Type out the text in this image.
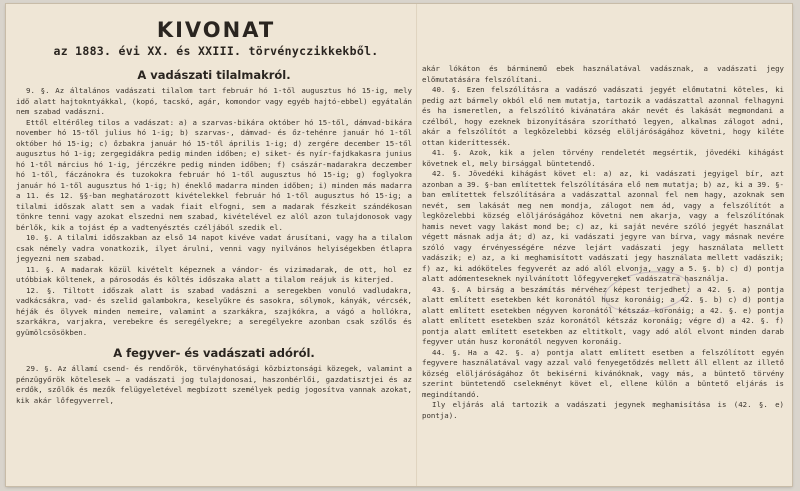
KIVONAT
az 1883. évi XX. és XXIII. törvényczikkekből.
A vadászati tilalmakról.

9. §. Az általános vadászati tilalom tart február hó 1-től augusztus hó 15-ig, mely idő alatt hajtokntyákkal, (kopó, tacskó, agár, komondor vagy egyéb hajtó-ebbel) egyátalán nem szabad vadászni.

Ettől eltérőleg tilos a vadászat: a) a szarvas-bikára október hó 15-től, dámvad-bikára november hó 15-től julius hó 1-ig; b) szarvas-, dámvad- és őz-tehénre január hó 1-től október hó 15-ig; c) őzbakra január hó 15-től április 1-ig; d) zergére december 15-től augusztus hó 1-ig; zergegidákra pedig minden időben; e) siket- és nyír-fajdkakasra junius hó 1-től március hó 1-ig, jérczékre pedig minden időben; f) császár-madarakra deczember hó 1-től, fáczánokra és tuzokokra február hó 1-től augusztus hó 15-ig; g) foglyokra január hó 1-től augusztus hó 1-ig; h) éneklő madarra minden időben; i) minden más madarra a 11. és 12. §§-ban meghatározott kivételekkel február hó 1-től augusztus hó 15-ig; a tilalmi időszak alatt sem a vadak fiait elfogni, sem a madarak fészkeit szándékosan tönkre tenni vagy azokat elszedni nem szabad, kivételével ez alól azon tulajdonosok vagy bérlők, kik a tojást ép a vadtenyésztés czéljából szedik el.

10. §. A tilalmi időszakban az első 14 napot kivéve vadat árusítani, vagy ha a tilalom csak némely vadra vonatkozik, ilyet árulni, venni vagy nyilvános helyiségekben étlapra jegyezni nem szabad.

11. §. A madarak közül kivételt képeznek a vándor- és vizimadarak, de ott, hol ez utóbbiak költenek, a párosodás és költés időszaka alatt a tilalom reájuk is kiterjed.

12. §. Tiltott időszak alatt is szabad vadászni a seregekben vonuló vadludakra, vadkácsákra, vad- és szelid galambokra, keselyűkre és sasokra, sólymok, kányák, vércsék, héják és ölyvek minden nemeire, valamint a szarkákra, szajkókra, a vágó a hollókra, szarkákra, varjakra, verebekre és seregélyekre; a seregélyekre azonban csak szőlős és gyümölcsösökben.

A fegyver- és vadászati adóról.

29. §. Az államí csend- és rendőrök, törvényhatósági közbiztonsági közegek, valamint a pénzügyőrök kötelesek – a vadászati jog tulajdonosai, haszonbérlői, gazdatisztjei és az erdők, szőlők és mezők felügyeletével megbízott személyek pedig jogosítva vannak azokat, kik akár lőfegyverrel,

akár lókáton és bárminemű ebek használatával vadásznak, a vadászati jegy előmutatására felszólítani.

40. §. Ezen felszólításra a vadászó vadászati jegyét előmutatni köteles, ki pedig azt bármely okból elő nem mutatja, tartozik a vadászattal azonnal felhagyni és ha ismeretlen, a felszólító kivánatára akár nevét és lakását megmondani a czélból, hogy ezeknek bizonyítására szorítható legyen, alkalmas zálogot adni, akár a felszólítót a legközelebbi község elöljáróságához követni, hogy kiléte ottan kideríttessék.

41. §. Azok, kik a jelen törvény rendeletét megsértik, jövedéki kihágást követnek el, mely birsággal büntetendő.

42. §. Jövedéki kihágást követ el: a) az, ki vadászati jegyigel bír, azt azonban a 39. §-ban említettek felszólítására elő nem mutatja; b) az, ki a 39. §-ban említettek felszólítására a vadászattal azonnal fel nem hagy, azoknak sem nevét, sem lakását meg nem mondja, zálogot nem ád, vagy a felszólítót a legközelebbi község elöljáróságához követni nem akarja, vagy a felszólítónak hamis nevet vagy lakást mond be; c) az, ki saját nevére szóló jegyét használat végett másnak adja át; d) az, ki vadászati jegyre van bírva, vagy másnak nevére szóló vagy érvényességére nézve lejárt vadászati jegy használata mellett vadászik; e) az, a ki meghamisított vadászati jegy használata mellett vadászik; f) az, ki adóköteles fegyverét az adó alól elvonja, vagy a 5. §. b) c) d) pontja alatt adómenteseknek nyilvánított lőfegyvereket vadászatra használja.

43. §. A birság a beszámítás mérvéhez képest terjedhet: a 42. §. a) pontja alatt említett esetekben két koronától husz koronáig; a 42. §. b) c) d) pontja alatt említett esetekben négyven koronától kétszáz koronáig; a 42. §. e) pontja alatt említett esetekben száz koronától kétszáz koronáig; végre d) a 42. §. f) pontja alatt említett esetekben az eltitkolt, vagy adó alól elvont minden darab fegyver után husz koronától negyven koronáig.

44. §. Ha a 42. §. a) pontja alatt említett esetben a felszólított egyén fegyvere használatával vagy azzal való fenyegetődzés mellett áll ellent az illető község elöljáróságához őt bekisérni kivánóknak, vagy más, a büntető törvény szerint büntetendő cselekményt követ el, ellene külön a büntető eljárás is megindítandó.

Ily eljárás alá tartozik a vadászati jegynek meghamisítása is (42. §. e) pontja).
